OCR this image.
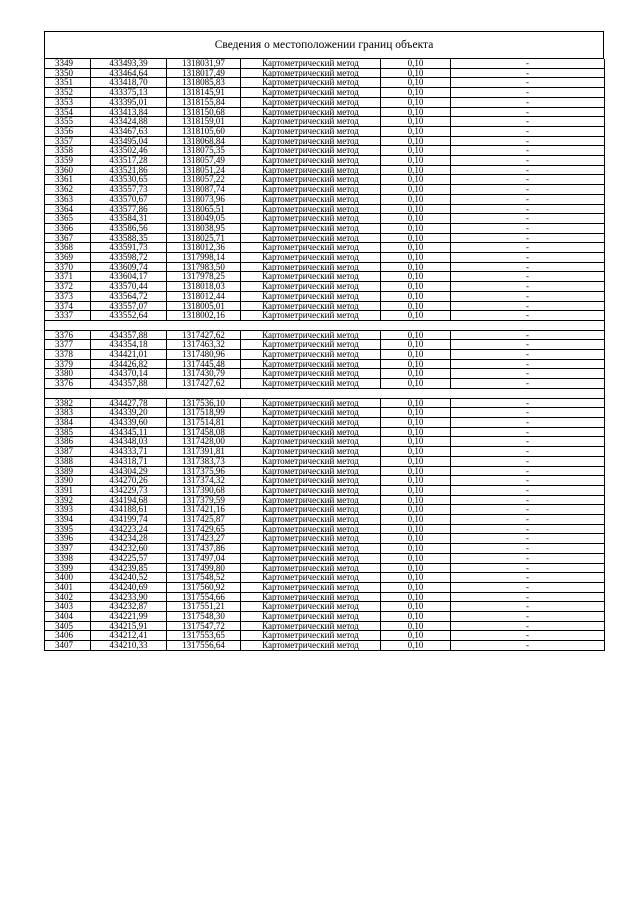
Сведения о местоположении границ объекта
3349	433493,39	1318031,97	Картометрический метод	0,10	-
3350	433464,64	1318017,49	Картометрический метод	0,10	-
3351	433418,70	1318085,83	Картометрический метод	0,10	-
3352	433375,13	1318145,91	Картометрический метод	0,10	-
3353	433395,01	1318155,84	Картометрический метод	0,10	-
3354	433413,84	1318150,68	Картометрический метод	0,10	-
3355	433424,88	1318159,01	Картометрический метод	0,10	-
3356	433467,63	1318105,60	Картометрический метод	0,10	-
3357	433495,04	1318068,84	Картометрический метод	0,10	-
3358	433502,46	1318075,35	Картометрический метод	0,10	-
3359	433517,28	1318057,49	Картометрический метод	0,10	-
3360	433521,86	1318051,24	Картометрический метод	0,10	-
3361	433530,65	1318057,22	Картометрический метод	0,10	-
3362	433557,73	1318087,74	Картометрический метод	0,10	-
3363	433570,67	1318073,96	Картометрический метод	0,10	-
3364	433577,86	1318065,51	Картометрический метод	0,10	-
3365	433584,31	1318049,05	Картометрический метод	0,10	-
3366	433586,56	1318038,95	Картометрический метод	0,10	-
3367	433588,35	1318025,71	Картометрический метод	0,10	-
3368	433591,73	1318012,36	Картометрический метод	0,10	-
3369	433598,72	1317998,14	Картометрический метод	0,10	-
3370	433609,74	1317983,50	Картометрический метод	0,10	-
3371	433604,17	1317978,25	Картометрический метод	0,10	-
3372	433570,44	1318018,03	Картометрический метод	0,10	-
3373	433564,72	1318012,44	Картометрический метод	0,10	-
3374	433557,07	1318005,01	Картометрический метод	0,10	-
3337	433552,64	1318002,16	Картометрический метод	0,10	-

3376	434357,88	1317427,62	Картометрический метод	0,10	-
3377	434354,18	1317463,32	Картометрический метод	0,10	-
3378	434421,01	1317480,96	Картометрический метод	0,10	-
3379	434426,82	1317445,48	Картометрический метод	0,10	-
3380	434370,14	1317430,79	Картометрический метод	0,10	-
3376	434357,88	1317427,62	Картометрический метод	0,10	-

3382	434427,78	1317536,10	Картометрический метод	0,10	-
3383	434339,20	1317518,99	Картометрический метод	0,10	-
3384	434339,60	1317514,81	Картометрический метод	0,10	-
3385	434345,11	1317458,08	Картометрический метод	0,10	-
3386	434348,03	1317428,00	Картометрический метод	0,10	-
3387	434333,71	1317391,81	Картометрический метод	0,10	-
3388	434318,71	1317383,73	Картометрический метод	0,10	-
3389	434304,29	1317375,96	Картометрический метод	0,10	-
3390	434270,26	1317374,32	Картометрический метод	0,10	-
3391	434229,73	1317390,68	Картометрический метод	0,10	-
3392	434194,68	1317379,59	Картометрический метод	0,10	-
3393	434188,61	1317421,16	Картометрический метод	0,10	-
3394	434199,74	1317425,87	Картометрический метод	0,10	-
3395	434223,24	1317429,65	Картометрический метод	0,10	-
3396	434234,28	1317423,27	Картометрический метод	0,10	-
3397	434232,60	1317437,86	Картометрический метод	0,10	-
3398	434225,57	1317497,04	Картометрический метод	0,10	-
3399	434239,85	1317499,80	Картометрический метод	0,10	-
3400	434240,52	1317548,52	Картометрический метод	0,10	-
3401	434240,69	1317560,92	Картометрический метод	0,10	-
3402	434233,90	1317554,66	Картометрический метод	0,10	-
3403	434232,87	1317551,21	Картометрический метод	0,10	-
3404	434221,99	1317548,30	Картометрический метод	0,10	-
3405	434215,91	1317547,72	Картометрический метод	0,10	-
3406	434212,41	1317553,65	Картометрический метод	0,10	-
3407	434210,33	1317556,64	Картометрический метод	0,10	-
